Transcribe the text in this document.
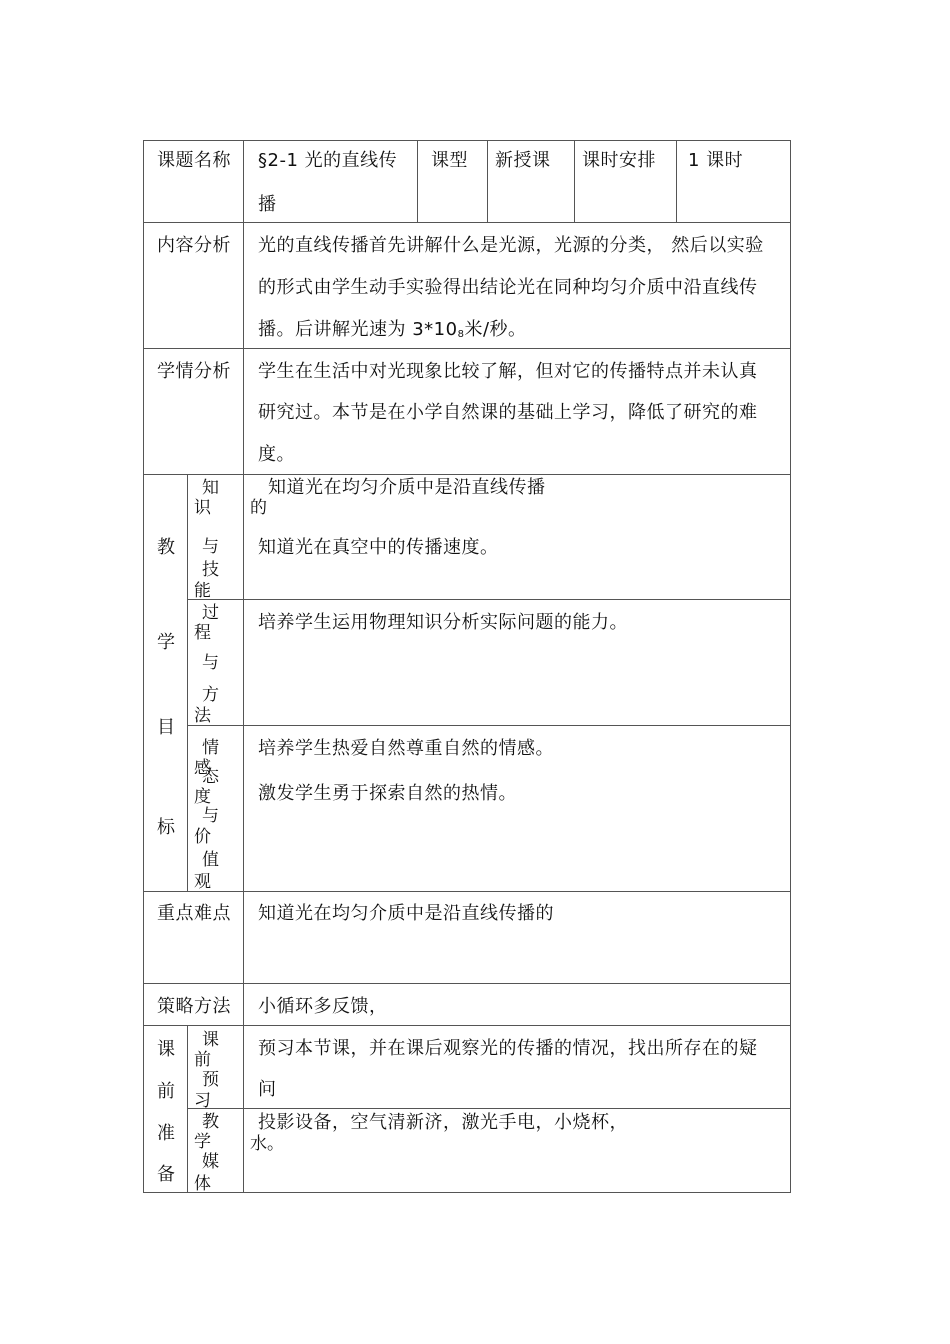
课题名称 §2-1 光的直线传
播
课型 新授课 课时安排 1 课时
内容分析 光的直线传播首先讲解什么是光源，光源的分类， 然后以实验
的形式由学生动手实验得出结论光在同种均匀介质中沿直线传
播。后讲解光速为 3*108米/秒。
学情分析 学生在生活中对光现象比较了解，但对它的传播特点并未认真
研究过。本节是在小学自然课的基础上学习，降低了研究的难
度。
教
学
目
标
知
识
与
技
能
知道光在均匀介质中是沿直线传播
的
知道光在真空中的传播速度。
过
程
与
方
法
培养学生运用物理知识分析实际问题的能力。
情
感
态
度
与
价
值
观
培养学生热爱自然尊重自然的情感。
激发学生勇于探索自然的热情。
重点难点 知道光在均匀介质中是沿直线传播的
策略方法 小循环多反馈，
课
前
准
备
课
前
预
习
预习本节课，并在课后观察光的传播的情况，找出所存在的疑
问
教
学
媒
体
投影设备，空气清新济，激光手电，小烧杯，
水。
